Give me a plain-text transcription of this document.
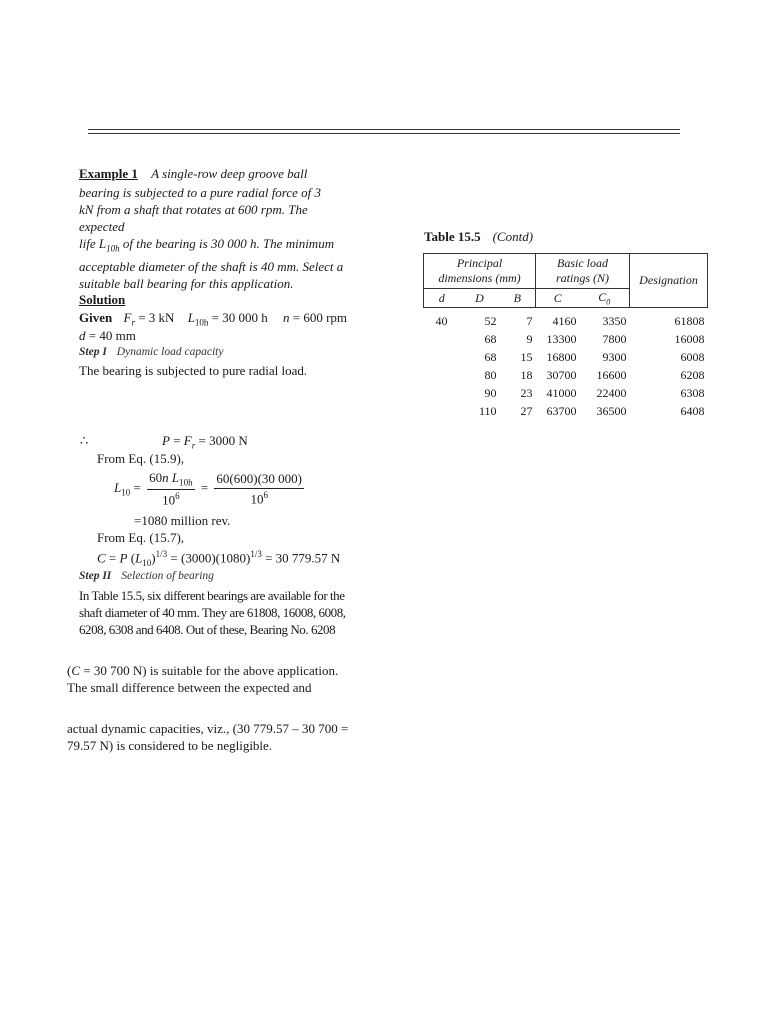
Example 1 A single-row deep groove ball
bearing is subjected to a pure radial force of 3
kN from a shaft that rotates at 600 rpm. The
expected
life $L_{10h}$ of the bearing is 30 000 h. The minimum
acceptable diameter of the shaft is 40 mm. Select a
suitable ball bearing for this application.
Solution
Given $F_r = 3$ kN $L_{10h} = 30$ 000 h n = 600 rpm
d = 40 mm
Step I Dynamic load capacity
The bearing is subjected to pure radial load.
∴	$P = F_r = 3000$ N
From Eq. (15.9),
$L_{10} = \frac{60n L_{10h}}{10^6} = \frac{60(600)(30 000)}{10^6}$
=1080 million rev.
From Eq. (15.7),
C = P $(L_{10})^{1/3} = (3000)(1080)^{1/3} = 30$ 779.57 N
Step II Selection of bearing
In Table 15.5, six different bearings are available for the
shaft diameter of 40 mm. They are 61808, 16008, 6008,
6208, 6308 and 6408. Out of these, Bearing No. 6208
(C = 30 700 N) is suitable for the above application.
The small difference between the expected and
actual dynamic capacities, viz., (30 779.57 – 30 700 =
79.57 N) is considered to be negligible.
Table 15.5 (Contd)
Principal
dimensions (mm)			Basic load
ratings (N)		Designation
d	D	B	C	$C_0$
40	52	7	4160	3350	61808
	68	9	13300	7800	16008
	68	15	16800	9300	6008
	80	18	30700	16600	6208
	90	23	41000	22400	6308
	110	27	63700	36500	6408
